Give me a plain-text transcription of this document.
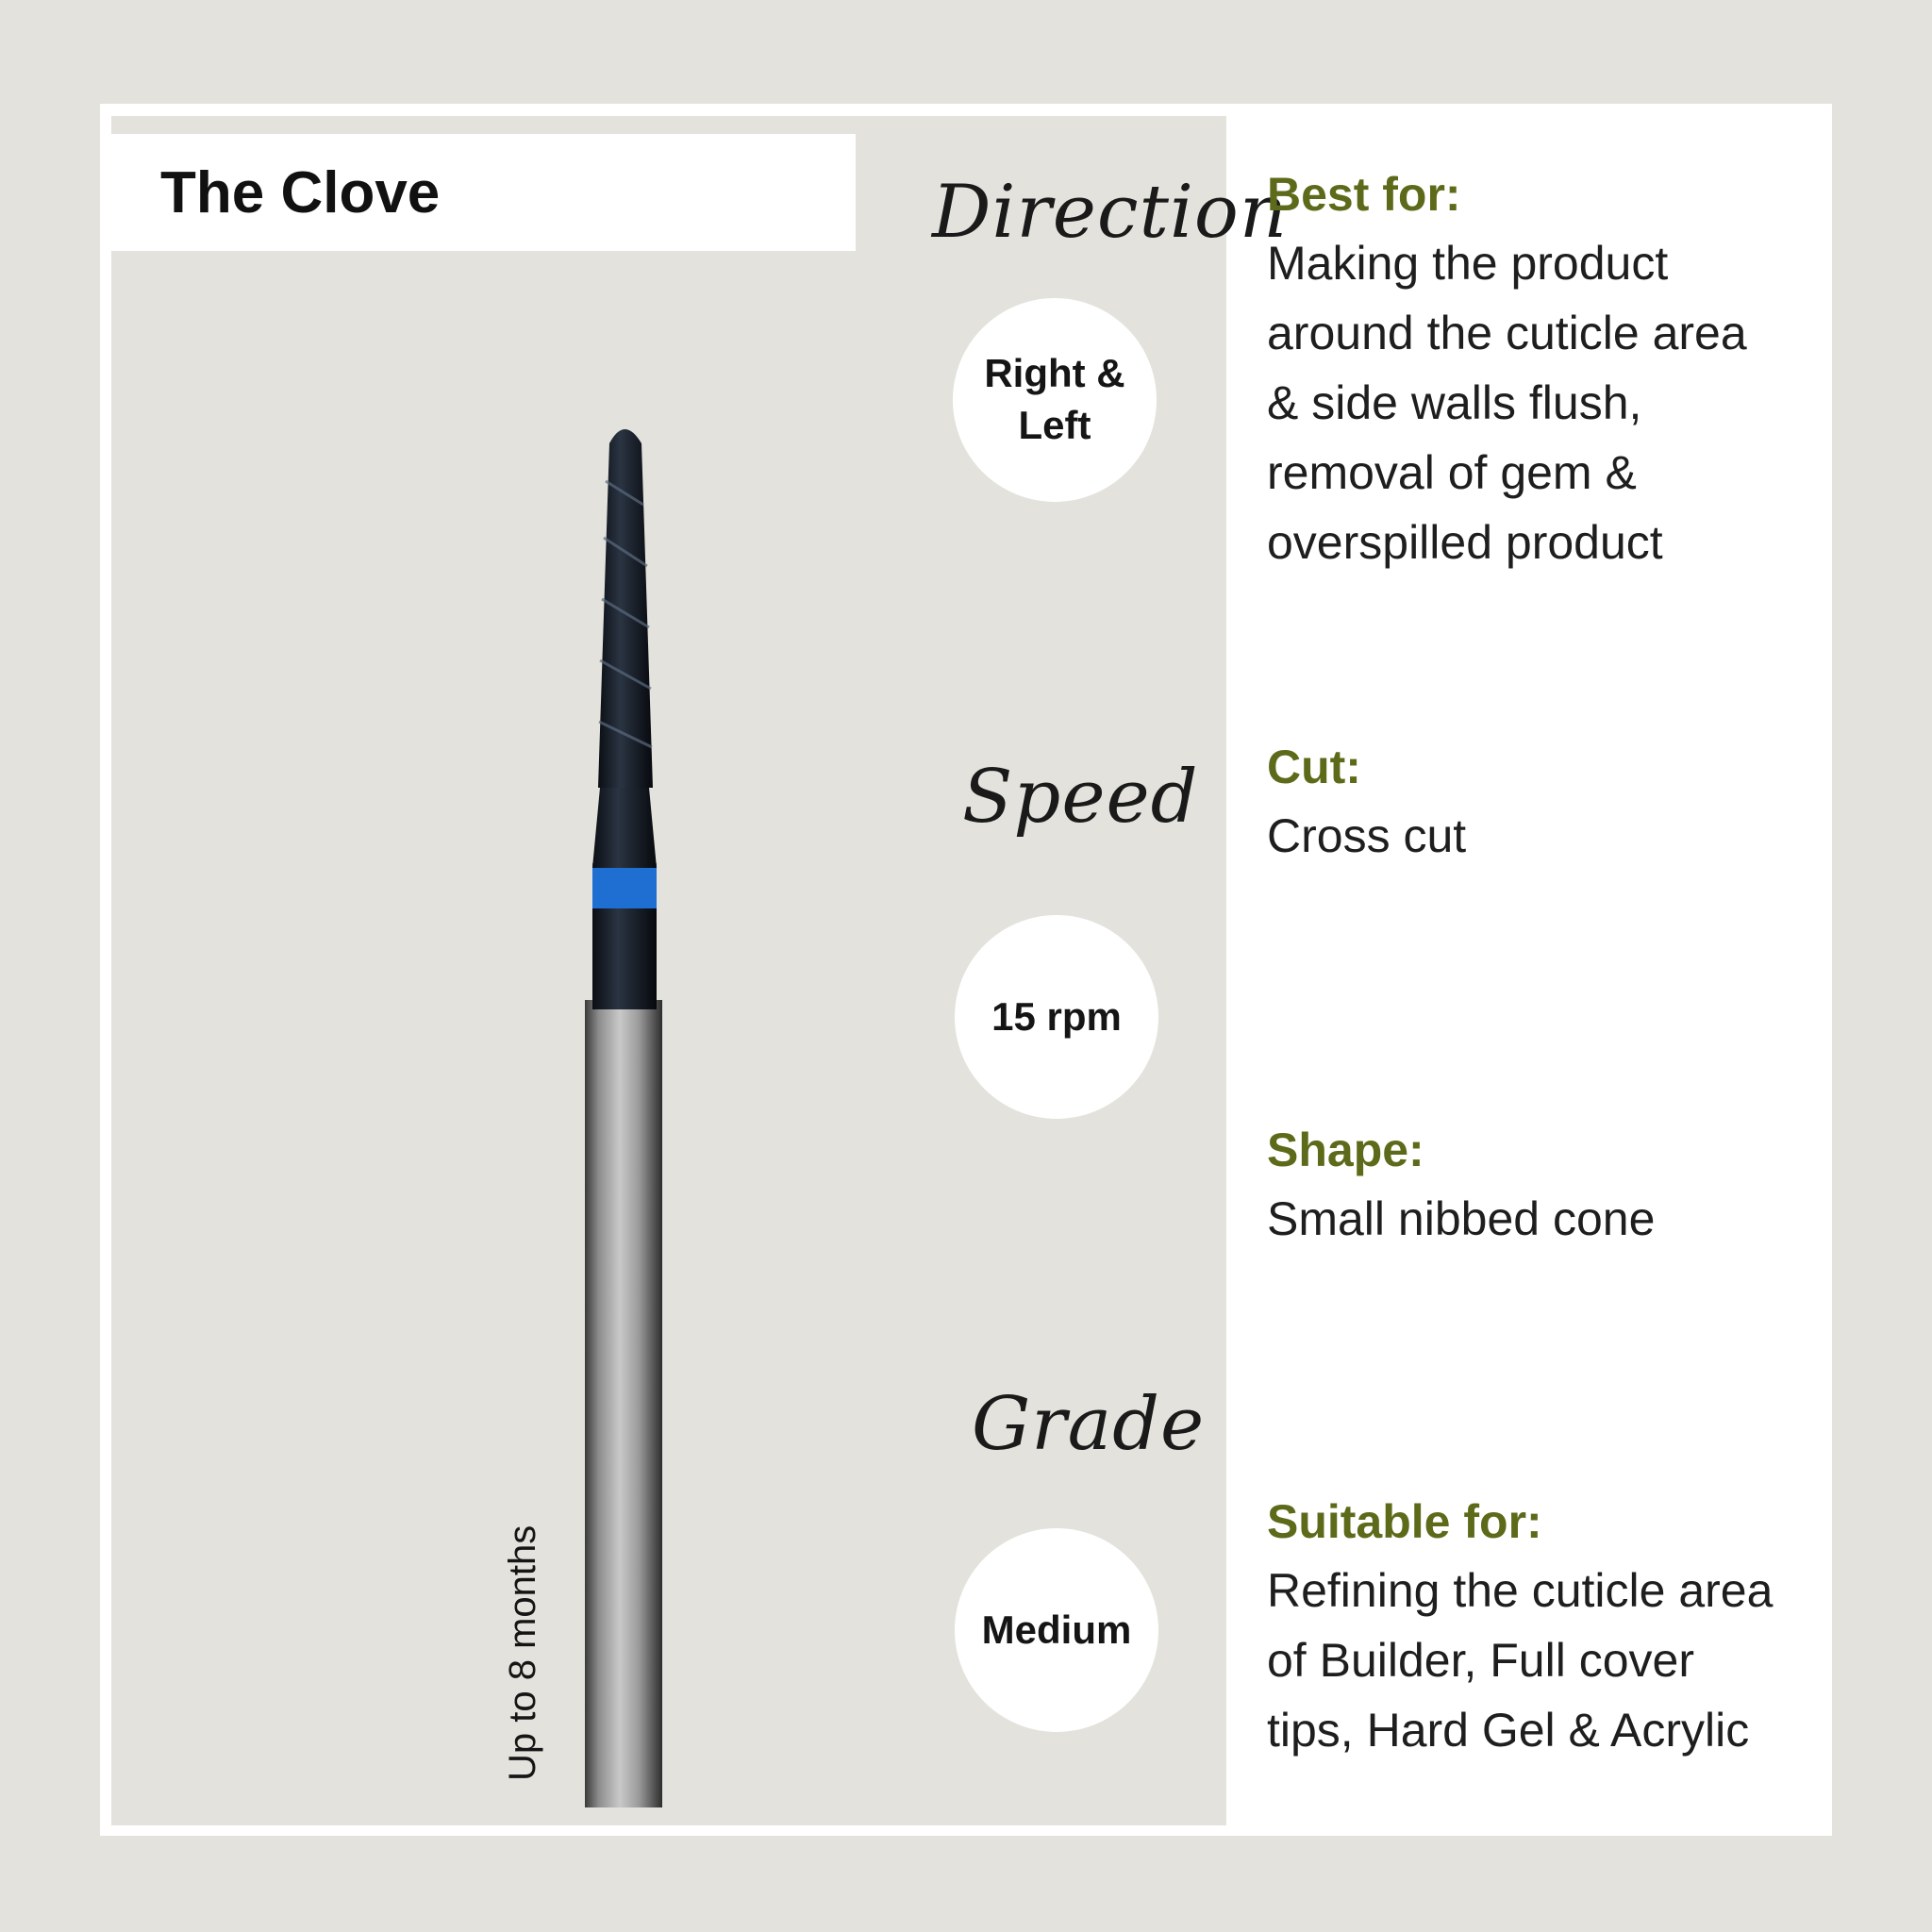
The Clove
Up to 8 months
Direction
Right &
Left
Speed
15 rpm
Grade
Medium
Best for:
Making the product
around the cuticle area
& side walls flush,
removal of gem &
overspilled product
Cut:
Cross cut
Shape:
Small nibbed cone
Suitable for:
Refining the cuticle area
of Builder, Full cover
tips, Hard Gel & Acrylic
